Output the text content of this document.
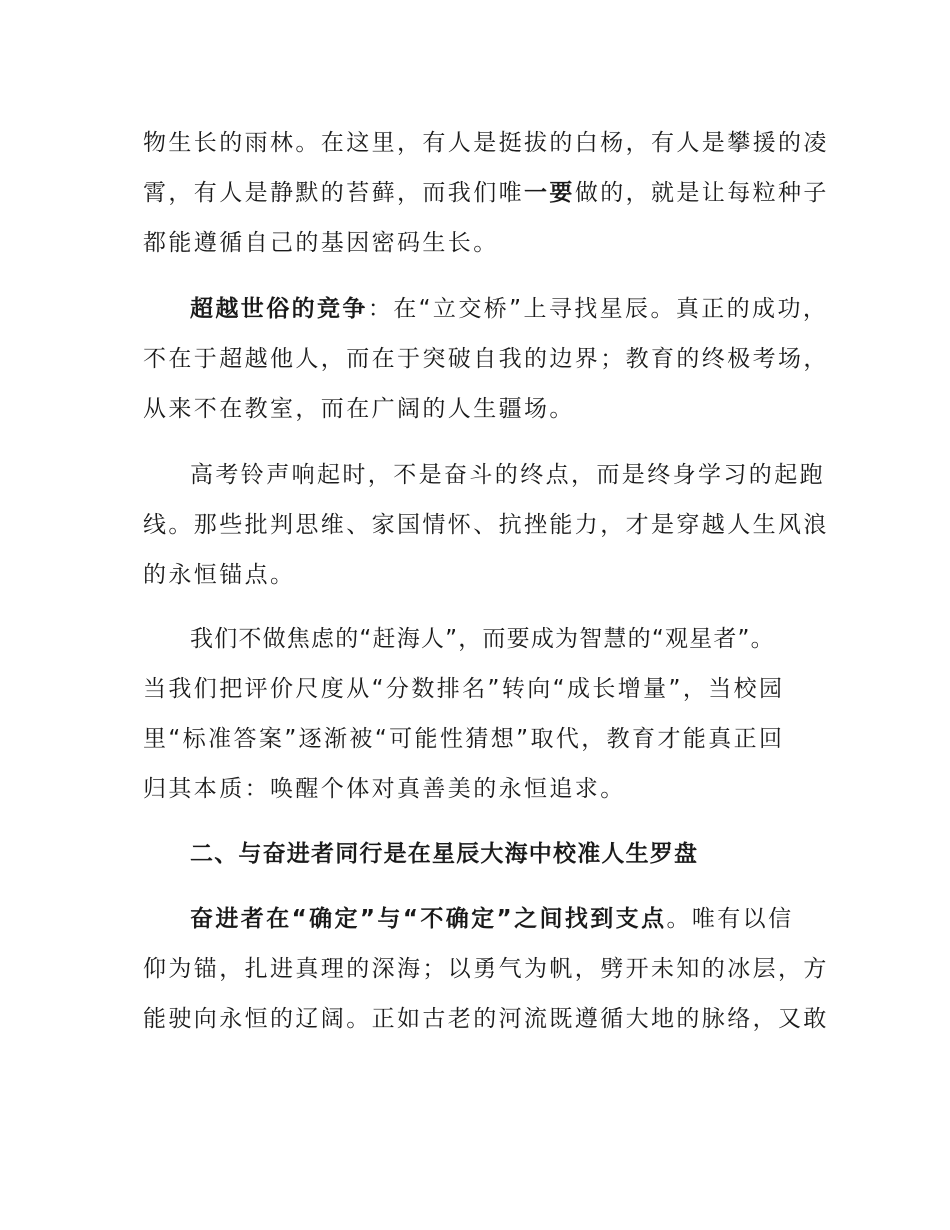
物生长的雨林。在这里，有人是挺拔的白杨，有人是攀援的凌
霄，有人是静默的苔藓，而我们唯一要做的，就是让每粒种子
都能遵循自己的基因密码生长。
超越世俗的竞争：在“立交桥”上寻找星辰。真正的成功，
不在于超越他人，而在于突破自我的边界；教育的终极考场，
从来不在教室，而在广阔的人生疆场。
高考铃声响起时，不是奋斗的终点，而是终身学习的起跑
线。那些批判思维、家国情怀、抗挫能力，才是穿越人生风浪
的永恒锚点。
我们不做焦虑的“赶海人”，而要成为智慧的“观星者”。
当我们把评价尺度从“分数排名”转向“成长增量”，当校园
里“标准答案”逐渐被“可能性猜想”取代，教育才能真正回
归其本质：唤醒个体对真善美的永恒追求。
二、与奋进者同行是在星辰大海中校准人生罗盘
奋进者在“确定”与“不确定”之间找到支点。唯有以信
仰为锚，扎进真理的深海；以勇气为帆，劈开未知的冰层，方
能驶向永恒的辽阔。正如古老的河流既遵循大地的脉络，又敢
